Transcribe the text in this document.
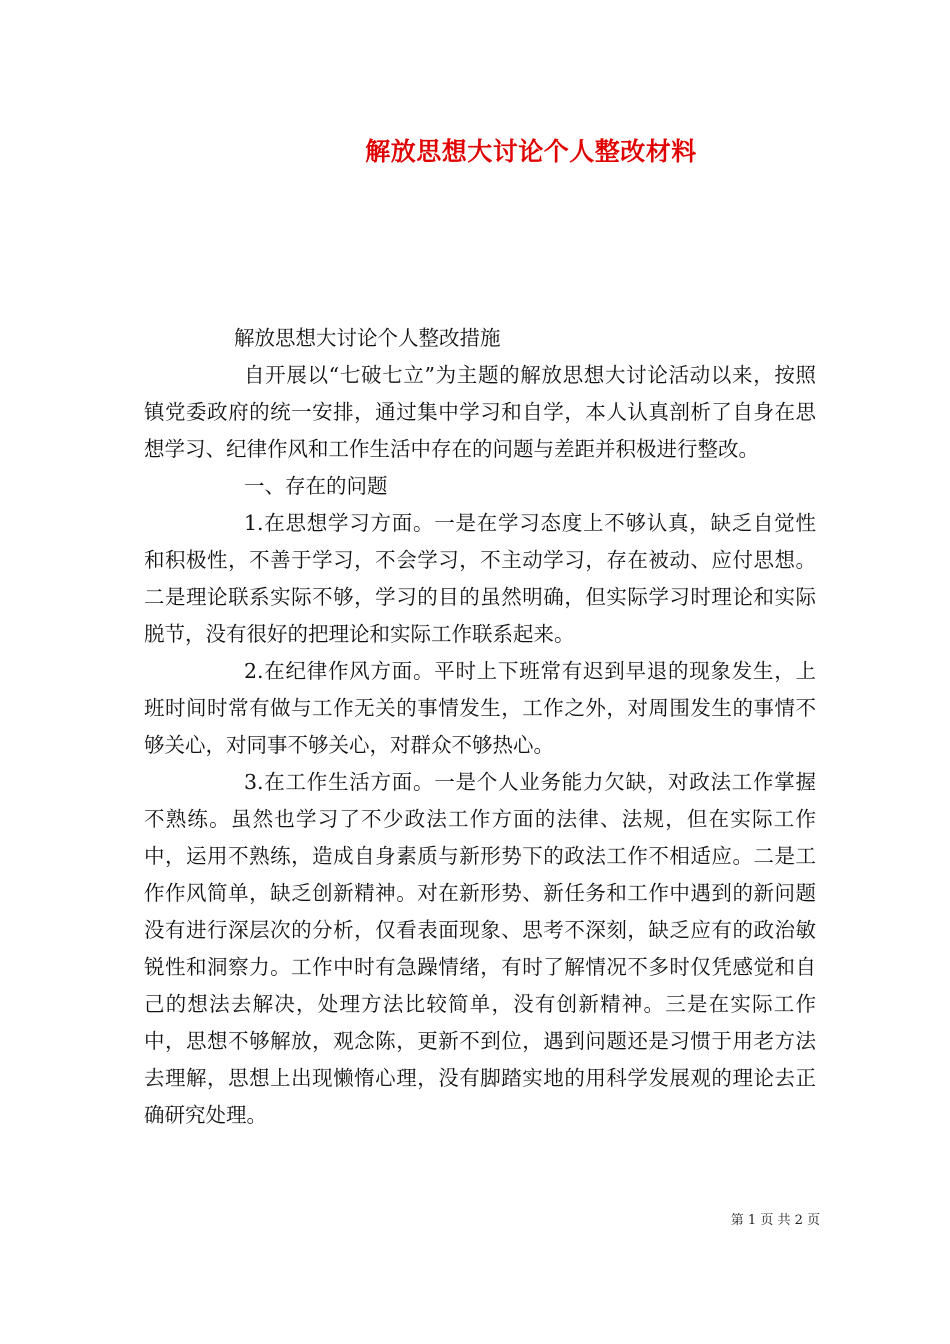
解放思想大讨论个人整改材料

解放思想大讨论个人整改措施

自开展以“七破七立”为主题的解放思想大讨论活动以来，按照镇党委政府的统一安排，通过集中学习和自学，本人认真剖析了自身在思想学习、纪律作风和工作生活中存在的问题与差距并积极进行整改。

一、存在的问题

1.在思想学习方面。一是在学习态度上不够认真，缺乏自觉性和积极性，不善于学习，不会学习，不主动学习，存在被动、应付思想。二是理论联系实际不够，学习的目的虽然明确，但实际学习时理论和实际脱节，没有很好的把理论和实际工作联系起来。

2.在纪律作风方面。平时上下班常有迟到早退的现象发生，上班时间时常有做与工作无关的事情发生，工作之外，对周围发生的事情不够关心，对同事不够关心，对群众不够热心。

3.在工作生活方面。一是个人业务能力欠缺，对政法工作掌握不熟练。虽然也学习了不少政法工作方面的法律、法规，但在实际工作中，运用不熟练，造成自身素质与新形势下的政法工作不相适应。二是工作作风简单，缺乏创新精神。对在新形势、新任务和工作中遇到的新问题没有进行深层次的分析，仅看表面现象、思考不深刻，缺乏应有的政治敏锐性和洞察力。工作中时有急躁情绪，有时了解情况不多时仅凭感觉和自己的想法去解决，处理方法比较简单，没有创新精神。三是在实际工作中，思想不够解放，观念陈，更新不到位，遇到问题还是习惯于用老方法去理解，思想上出现懒惰心理，没有脚踏实地的用科学发展观的理论去正确研究处理。

第 1 页 共 2 页
